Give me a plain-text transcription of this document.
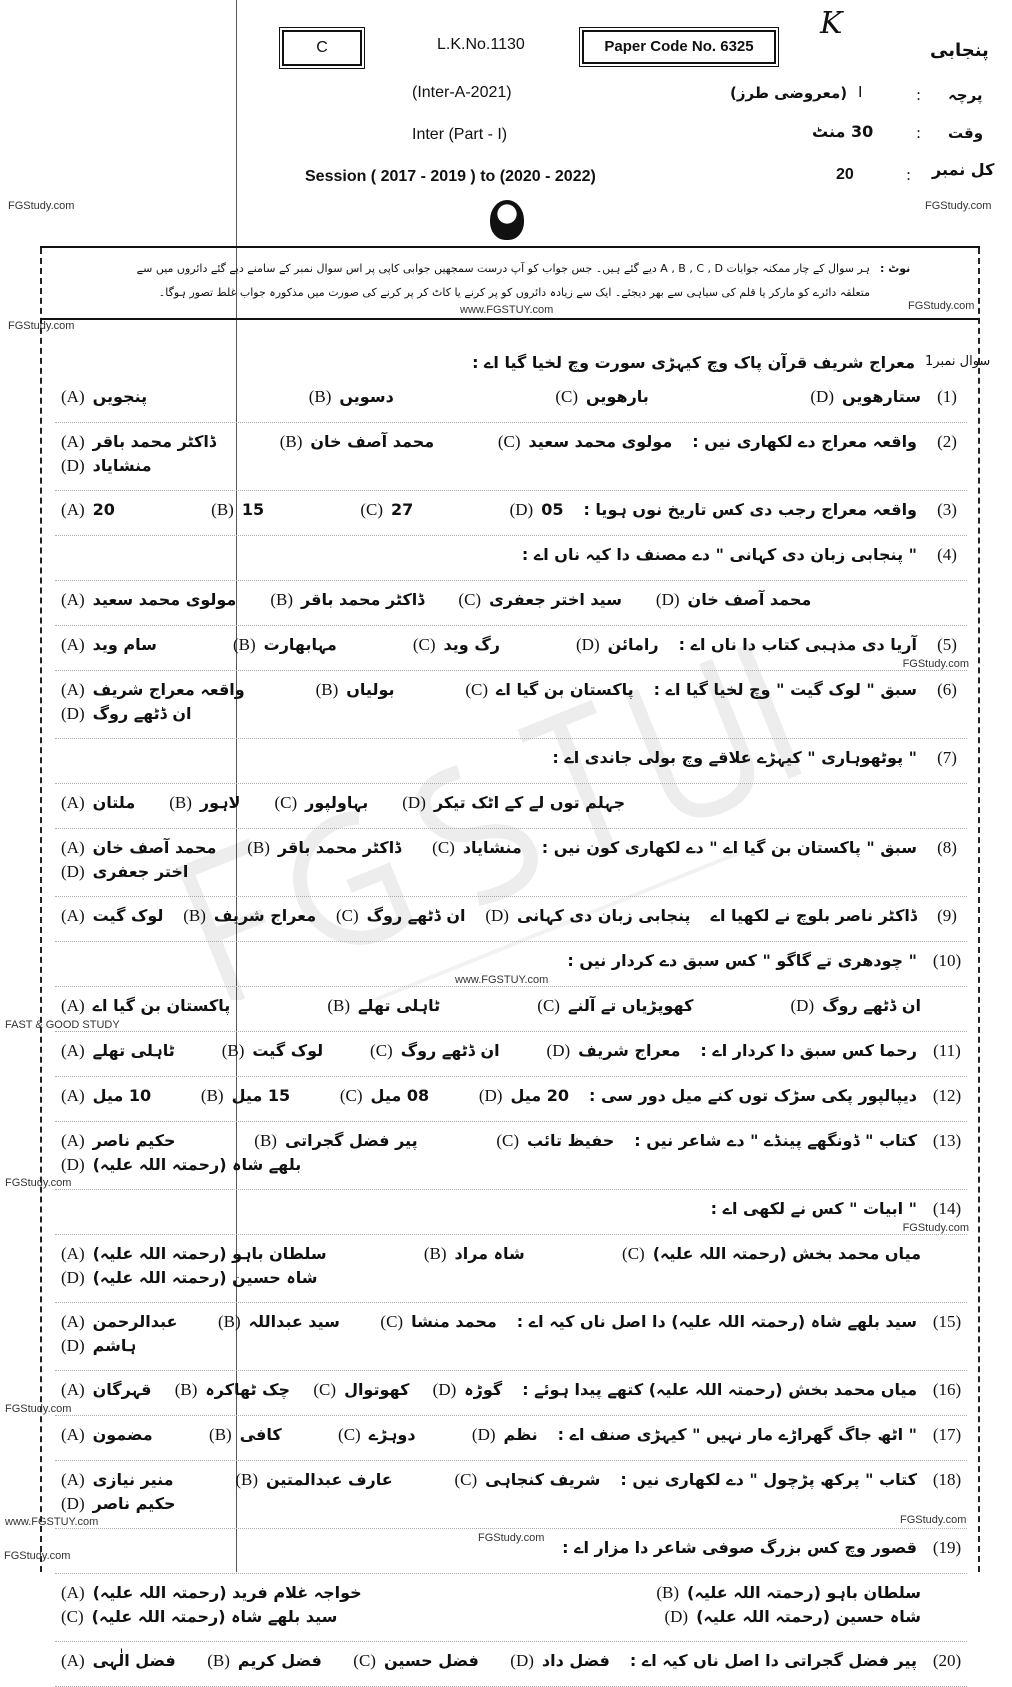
C	L.K.No.1130	Paper Code No. 6325
K
پنجابی
(Inter-A-2021)
Inter (Part - I)
Session ( 2017 - 2019 ) to (2020 - 2022)
پرچہ
:
I
(معروضی طرز)
وقت
:
30 منٹ
کل نمبر
:
20
نوٹ :
ہر سوال کے چار ممکنہ جوابات A , B , C , D دیے گئے ہیں۔ جس جواب کو آپ درست سمجھیں جوابی کاپی پر اس سوال نمبر کے سامنے دیے گئے دائروں میں سے
متعلقہ دائرے کو مارکر یا قلم کی سیاہی سے بھر دیجئے۔ ایک سے زیادہ دائروں کو پر کرنے یا کاٹ کر پر کرنے کی صورت میں مذکورہ جواب غلط تصور ہوگا۔
سوال نمبر1
معراج شریف قرآن پاک وچ کیہڑی سورت وچ لخیا گیا اے :
(1)
(A) پنجویں	(B) دسویں	(C) بارھویں	(D) ستارھویں
(2)
واقعہ معراج دے لکھاری نیں :
(A) ڈاکٹر محمد باقر	(B) محمد آصف خان	(C) مولوی محمد سعید
(D) منشایاد
(3)
واقعہ معراج رجب دی کس تاریخ نوں ہویا :
(A) 20	(B) 15	(C) 27	(D) 05
(4)
" پنجابی زبان دی کہانی " دے مصنف دا کیہ ناں اے :
(A) مولوی محمد سعید (B) ڈاکٹر محمد باقر (C) سید اختر جعفری (D) محمد آصف خان
(5)
آریا دی مذہبی کتاب دا ناں اے :
(A) سام وید	(B) مہابھارت	(C) رگ وید	(D) رامائن
FGStudy.com
(6)
سبق " لوک گیت " وچ لخیا گیا اے :
(A) واقعہ معراج شریف	(B) بولیاں	(C) پاکستان بن گیا اے
(D) ان ڈٹھے روگ
(7)
" پوٹھوہاری " کیہڑے علاقے وچ بولی جاندی اے :
(A) ملتان (B) لاہور (C) بہاولپور (D) جہلم توں لے کے اٹک تیکر
(8)
سبق " پاکستان بن گیا اے " دے لکھاری کون نیں :
(A) محمد آصف خان (B) ڈاکٹر محمد باقر (C) منشایاد
(D) اختر جعفری
(9)
ڈاکٹر ناصر بلوچ نے لکھیا اے
(A) لوک گیت (B) معراج شریف (C) ان ڈٹھے روگ (D) پنجابی زبان دی کہانی
(10)
" چودھری تے گاگو " کس سبق دے کردار نیں :
www.FGSTUY.com
(A) پاکستان بن گیا اے	(B) ٹاہلی تھلے	(C) کھوپڑیاں تے آلنے	(D) ان ڈٹھے روگ
FAST & GOOD STUDY
(11)
رحما کس سبق دا کردار اے :
(A) ٹاہلی تھلے	(B) لوک گیت	(C) ان ڈٹھے روگ	(D) معراج شریف
(12)
دیپالپور پکی سڑک توں کنے میل دور سی :
(A) 10 میل	(B) 15 میل	(C) 08 میل	(D) 20 میل
(13)
کتاب " ڈونگھے پینڈے " دے شاعر نیں :
(A) حکیم ناصر	(B) پیر فضل گجراتی	(C) حفیظ تائب
(D) بلھے شاہ (رحمتہ اللہ علیہ)
FGStudy.com
(14)
" ابیات " کس نے لکھی اے :
FGStudy.com
(A) سلطان باہو (رحمتہ اللہ علیہ)	(B) شاہ مراد	(C) میاں محمد بخش (رحمتہ اللہ علیہ)
(D) شاہ حسین (رحمتہ اللہ علیہ)
(15)
سید بلھے شاہ (رحمتہ اللہ علیہ) دا اصل ناں کیہ اے :
(A) عبدالرحمن (B) سید عبداللہ (C) محمد منشا
(D) ہاشم
(16)
میاں محمد بخش (رحمتہ اللہ علیہ) کتھے پیدا ہوئے :
(A) قہرگان (B) چک ٹھاکرہ (C) کھوتوال (D) گوڑہ
FGStudy.com
(17)
" اٹھ جاگ گھراڑے مار نہیں " کیہڑی صنف اے :
(A) مضمون	(B) کافی	(C) دوہڑے	(D) نظم
(18)
کتاب " پرکھ پڑچول " دے لکھاری نیں :
(A) منیر نیازی	(B) عارف عبدالمتین	(C) شریف کنجاہی
(D) حکیم ناصر
www.FGSTUY.com
(19)
قصور وچ کس بزرگ صوفی شاعر دا مزار اے :
(A) خواجہ غلام فرید (رحمتہ اللہ علیہ)	(B) سلطان باہو (رحمتہ اللہ علیہ)
(C) سید بلھے شاہ (رحمتہ اللہ علیہ)	(D) شاہ حسین (رحمتہ اللہ علیہ)
(20)
پیر فضل گجراتی دا اصل ناں کیہ اے :
(A) فضل الٰہی (B) فضل کریم (C) فضل حسین (D) فضل داد
FGStudy.com	FGStudy.com
FGStudy.com
FGStudy.com
www.FGSTUY.com
FGStudy.com
FGStudy.com
FGStudy.com
